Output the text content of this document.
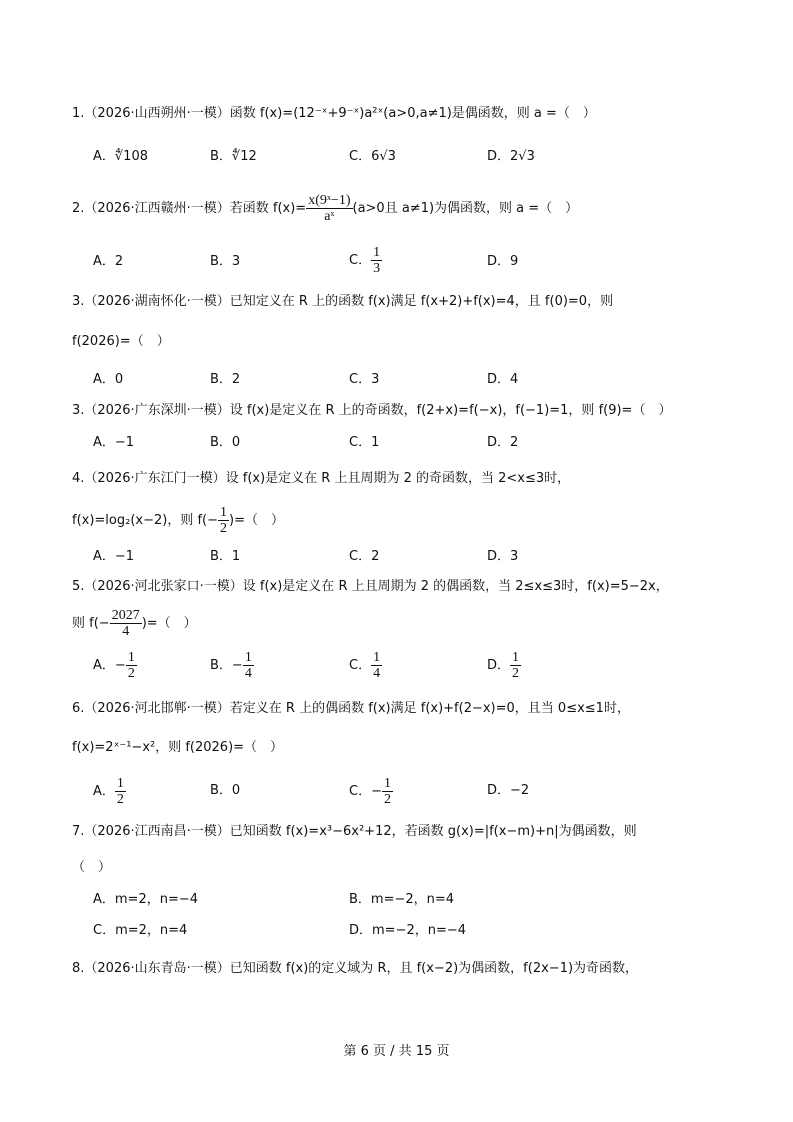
1.（2026·山西朔州·一模）函数 f(x)=(12⁻ˣ+9⁻ˣ)a²ˣ(a>0,a≠1)是偶函数，则 a =（　）
A．∜108	B．∜12	C．6√3	D．2√3
2.（2026·江西赣州·一模）若函数 $f(x)= \frac{\text{x(9ˣ−1)}}{\text{aˣ}} (a>0$且 a≠1)为偶函数，则 a =（　）
A．2	B．3	C． $\frac{1}{3}$	D．9
3.（2026·湖南怀化·一模）已知定义在 R 上的函数 f(x)满足 f(x+2)+f(x)=4，且 f(0)=0，则
f(2026)=（　）
A．0	B．2	C．3	D．4
3.（2026·广东深圳·一模）设 f(x)是定义在 R 上的奇函数，f(2+x)=f(−x)，f(−1)=1，则 f(9)=（　）
A．−1	B．0	C．1	D．2
4.（2026·广东江门一模）设 f(x)是定义在 R 上且周期为 2 的奇函数，当 2<x≤3时，
f(x)=log₂(x−2)，则 $f(- \frac{1}{2}$ )=（　）
A．−1	B．1	C．2	D．3
5.（2026·河北张家口·一模）设 f(x)是定义在 R 上且周期为 2 的偶函数，当 2≤x≤3时，f(x)=5−2x，
则 $f(- \frac{2027}{4}$ )=（　）
A．− $\frac{1}{2}$	B．− $\frac{1}{4}$	C． $\frac{1}{4}$	D． $\frac{1}{2}$
6.（2026·河北邯郸·一模）若定义在 R 上的偶函数 f(x)满足 f(x)+f(2−x)=0，且当 0≤x≤1时，
f(x)=2ˣ⁻¹−x²，则 f(2026)=（　）
A． $\frac{1}{2}$	B．0	C．− $\frac{1}{2}$	D．−2
7.（2026·江西南昌·一模）已知函数 f(x)=x³−6x²+12，若函数 g(x)=|f(x−m)+n|为偶函数，则
（　）
A．m=2，n=−4	B．m=−2，n=4
C．m=2，n=4	D．m=−2，n=−4
8.（2026·山东青岛·一模）已知函数 f(x)的定义域为 R，且 f(x−2)为偶函数，f(2x−1)为奇函数，
第 6 页 / 共 15 页
